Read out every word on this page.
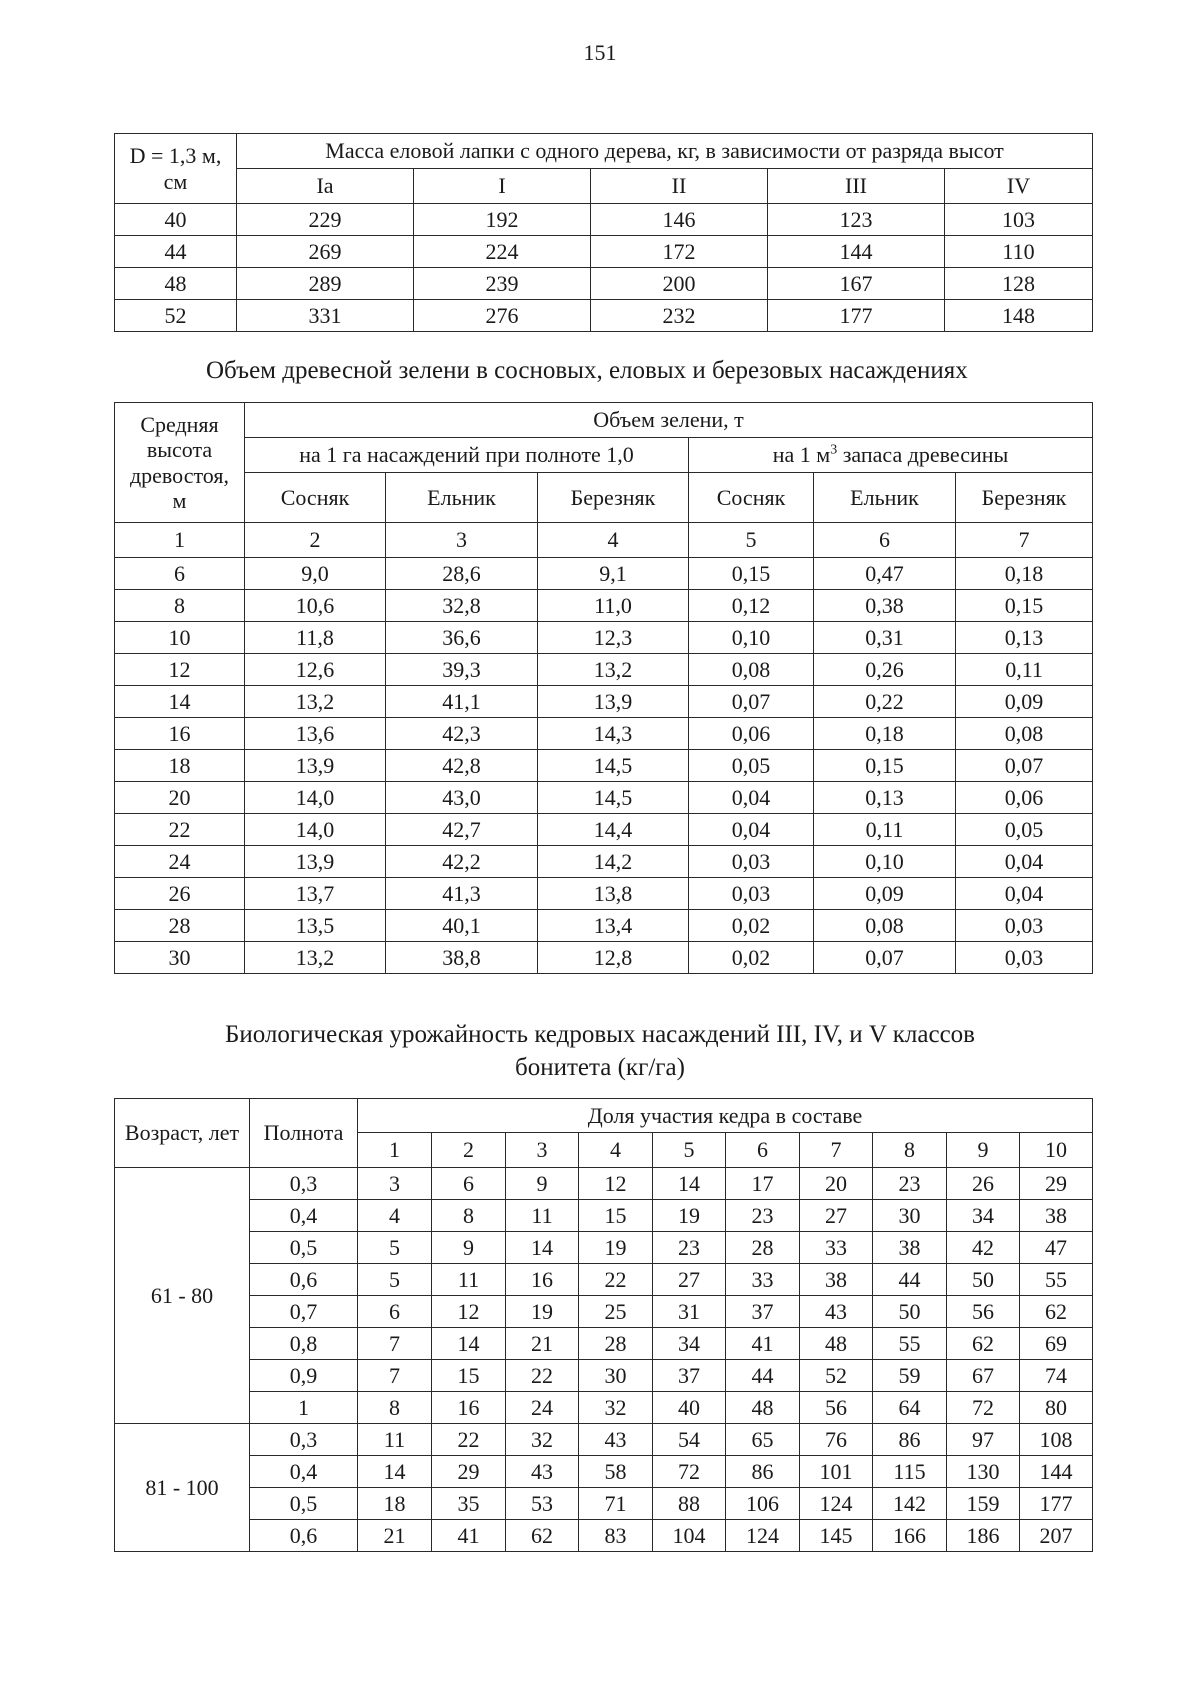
151
D = 1,3 м,
см	Масса еловой лапки с одного дерева, кг, в зависимости от разряда высот				
	Ia	I	II	III	IV
40	229	192	146	123	103
44	269	224	172	144	110
48	289	239	200	167	128
52	331	276	232	177	148
Объем древесной зелени в сосновых, еловых и березовых насаждениях
Средняя
высота
древостоя,
м	Объем зелени, т					
	на 1 га насаждений при полноте 1,0			на 1 $м^3$ запаса древесины		
	Сосняк	Ельник	Березняк	Сосняк	Ельник	Березняк
1	2	3	4	5	6	7
6	9,0	28,6	9,1	0,15	0,47	0,18
8	10,6	32,8	11,0	0,12	0,38	0,15
10	11,8	36,6	12,3	0,10	0,31	0,13
12	12,6	39,3	13,2	0,08	0,26	0,11
14	13,2	41,1	13,9	0,07	0,22	0,09
16	13,6	42,3	14,3	0,06	0,18	0,08
18	13,9	42,8	14,5	0,05	0,15	0,07
20	14,0	43,0	14,5	0,04	0,13	0,06
22	14,0	42,7	14,4	0,04	0,11	0,05
24	13,9	42,2	14,2	0,03	0,10	0,04
26	13,7	41,3	13,8	0,03	0,09	0,04
28	13,5	40,1	13,4	0,02	0,08	0,03
30	13,2	38,8	12,8	0,02	0,07	0,03
Биологическая урожайность кедровых насаждений III, IV, и V классов
бонитета (кг/га)
Возраст, лет	Полнота	Доля участия кедра в составе									
		1	2	3	4	5	6	7	8	9	10
61 - 80	0,3	3	6	9	12	14	17	20	23	26	29
	0,4	4	8	11	15	19	23	27	30	34	38
	0,5	5	9	14	19	23	28	33	38	42	47
	0,6	5	11	16	22	27	33	38	44	50	55
	0,7	6	12	19	25	31	37	43	50	56	62
	0,8	7	14	21	28	34	41	48	55	62	69
	0,9	7	15	22	30	37	44	52	59	67	74
	1	8	16	24	32	40	48	56	64	72	80
81 - 100	0,3	11	22	32	43	54	65	76	86	97	108
	0,4	14	29	43	58	72	86	101	115	130	144
	0,5	18	35	53	71	88	106	124	142	159	177
	0,6	21	41	62	83	104	124	145	166	186	207
